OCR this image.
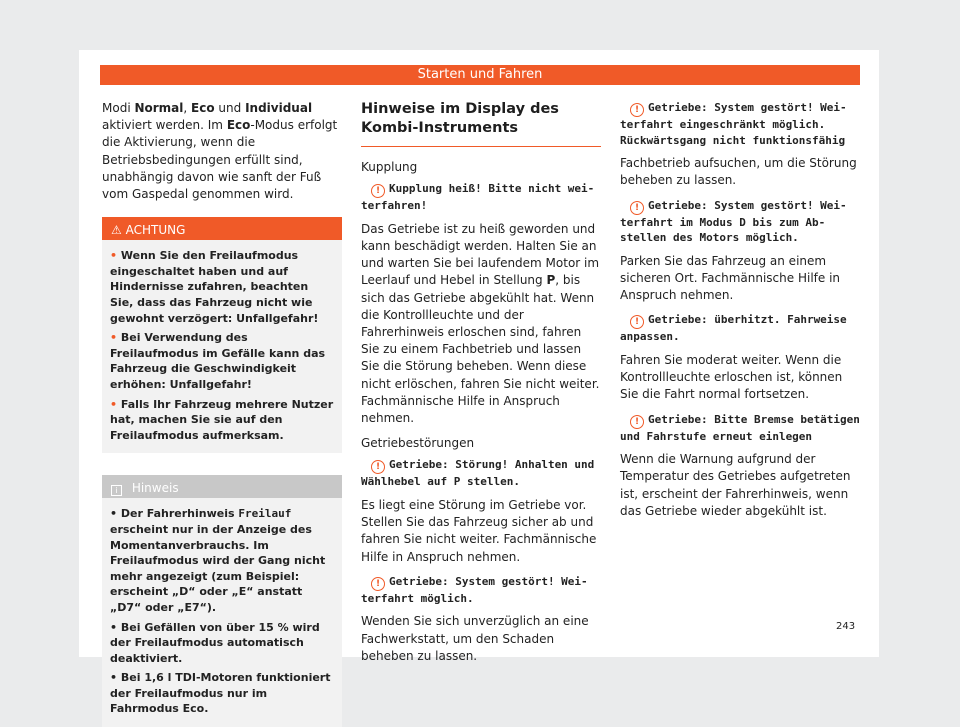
Starten und Fahren

Modi Normal, Eco und Individual aktiviert werden. Im Eco-Modus erfolgt die Aktivierung, wenn die Betriebsbedingungen erfüllt sind, unabhängig davon wie sanft der Fuß vom Gaspedal genommen wird.

⚠ ACHTUNG
• Wenn Sie den Freilaufmodus eingeschaltet haben und auf Hindernisse zufahren, beachten Sie, dass das Fahrzeug nicht wie gewohnt verzögert: Unfallgefahr!
• Bei Verwendung des Freilaufmodus im Gefälle kann das Fahrzeug die Geschwindigkeit erhöhen: Unfallgefahr!
• Falls Ihr Fahrzeug mehrere Nutzer hat, machen Sie sie auf den Freilaufmodus aufmerksam.
i Hinweis
• Der Fahrerhinweis Freilauf erscheint nur in der Anzeige des Momentanverbrauchs. Im Freilaufmodus wird der Gang nicht mehr angezeigt (zum Beispiel: erscheint „D“ oder „E“ anstatt „D7“ oder „E7“).
• Bei Gefällen von über 15 % wird der Freilaufmodus automatisch deaktiviert.
• Bei 1,6 l TDI-Motoren funktioniert der Freilaufmodus nur im Fahrmodus Eco.
Hinweise im Display des Kombi-Instruments
Kupplung
! Kupplung heiß! Bitte nicht wei-
terfahren!

Das Getriebe ist zu heiß geworden und kann beschädigt werden. Halten Sie an und warten Sie bei laufendem Motor im Leerlauf und Hebel in Stellung P, bis sich das Getriebe abgekühlt hat. Wenn die Kontrollleuchte und der Fahrerhinweis erloschen sind, fahren Sie zu einem Fachbetrieb und lassen Sie die Störung beheben. Wenn diese nicht erlöschen, fahren Sie nicht weiter. Fachmännische Hilfe in Anspruch nehmen.

Getriebestörungen
! Getriebe: Störung! Anhalten und
Wählhebel auf P stellen.

Es liegt eine Störung im Getriebe vor. Stellen Sie das Fahrzeug sicher ab und fahren Sie nicht weiter. Fachmännische Hilfe in Anspruch nehmen.

! Getriebe: System gestört! Wei-
terfahrt möglich.

Wenden Sie sich unverzüglich an eine Fachwerkstatt, um den Schaden beheben zu lassen.

! Getriebe: System gestört! Wei-
terfahrt eingeschränkt möglich.
Rückwärtsgang nicht funktionsfähig

Fachbetrieb aufsuchen, um die Störung beheben zu lassen.

! Getriebe: System gestört! Wei-
terfahrt im Modus D bis zum Ab-
stellen des Motors möglich.

Parken Sie das Fahrzeug an einem sicheren Ort. Fachmännische Hilfe in Anspruch nehmen.

! Getriebe: überhitzt. Fahrweise
anpassen.

Fahren Sie moderat weiter. Wenn die Kontrollleuchte erloschen ist, können Sie die Fahrt normal fortsetzen.

! Getriebe: Bitte Bremse betätigen
und Fahrstufe erneut einlegen

Wenn die Warnung aufgrund der Temperatur des Getriebes aufgetreten ist, erscheint der Fahrerhinweis, wenn das Getriebe wieder abgekühlt ist.

243
